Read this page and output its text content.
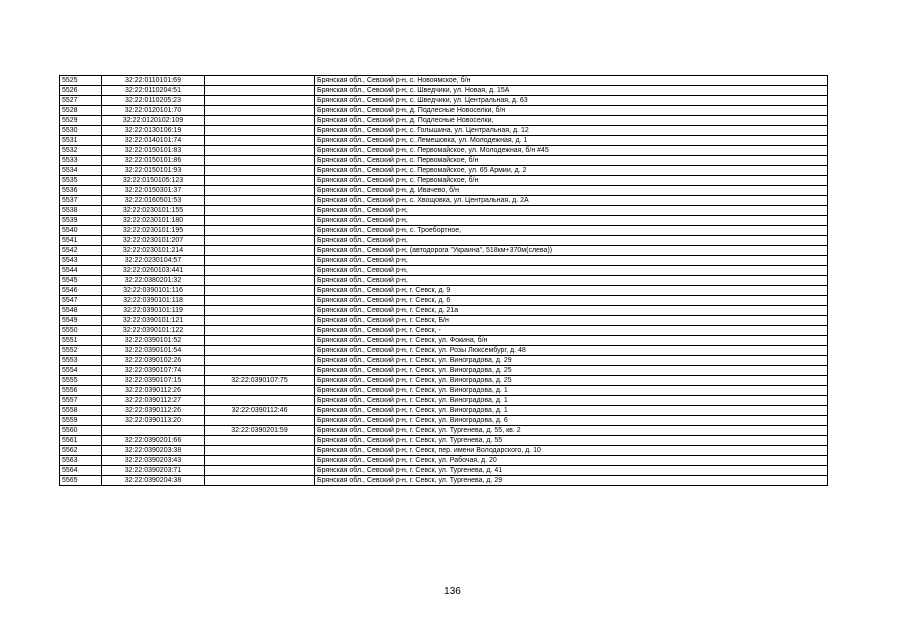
5525	32:22:0110101:69		Брянская обл., Севский р-н, с. Новоямское, б/н
5526	32:22:0110204:51		Брянская обл., Севский р-н, с. Шведчики, ул. Новая, д. 15А
5527	32:22:0110205:23		Брянская обл., Севский р-н, с. Шведчики, ул. Центральная, д. 63
5528	32:22:0120101:70		Брянская обл., Севский р-н, д. Подлесные Новоселки, б/н
5529	32:22:0120102:109		Брянская обл., Севский р-н, д. Подлесные Новоселки,
5530	32:22:0130106:19		Брянская обл., Севский р-н, с. Голышина, ул. Центральная, д. 12
5531	32:22:0140101:74		Брянская обл., Севский р-н, с. Лемешовка, ул. Молодежная, д. 1
5532	32:22:0150101:83		Брянская обл., Севский р-н, с. Первомайское, ул. Молодежная, б/н #45
5533	32:22:0150101:86		Брянская обл., Севский р-н, с. Первомайское, б/н
5534	32:22:0150101:93		Брянская обл., Севский р-н, с. Первомайское, ул. 65 Армии, д. 2
5535	32:22:0150105:123		Брянская обл., Севский р-н, с. Первомайское, б/н
5536	32:22:0150301:37		Брянская обл., Севский р-н, д. Ивачево, б/н
5537	32:22:0160501:53		Брянская обл., Севский р-н, с. Хвощовка, ул. Центральная, д. 2А
5538	32:22:0230101:155		Брянская обл., Севский р-н,
5539	32:22:0230101:180		Брянская обл., Севский р-н,
5540	32:22:0230101:195		Брянская обл., Севский р-н, с. Троебортное,
5541	32:22:0230101:207		Брянская обл., Севский р-н,
5542	32:22:0230101:214		Брянская обл., Севский р-н, (автодорога "Украина", 518км+370м(слева))
5543	32:22:0230104:57		Брянская обл., Севский р-н,
5544	32:22:0260103:441		Брянская обл., Севский р-н,
5545	32:22:0380201:32		Брянская обл., Севский р-н,
5546	32:22:0390101:116		Брянская обл., Севский р-н, г. Севск, д. 9
5547	32:22:0390101:118		Брянская обл., Севский р-н, г. Севск, д. 6
5548	32:22:0390101:119		Брянская обл., Севский р-н, г. Севск, д. 21а
5549	32:22:0390101:121		Брянская обл., Севский р-н, г. Севск, Б/н
5550	32:22:0390101:122		Брянская обл., Севский р-н, г. Севск, -
5551	32:22:0390101:52		Брянская обл., Севский р-н, г. Севск, ул. Фокина, б/н
5552	32:22:0390101:54		Брянская обл., Севский р-н, г. Севск, ул. Розы Люксембург, д. 48
5553	32:22:0390102:26		Брянская обл., Севский р-н, г. Севск, ул. Виноградова, д. 29
5554	32:22:0390107:74		Брянская обл., Севский р-н, г. Севск, ул. Виноградова, д. 25
5555	32:22:0390107:15	32:22:0390107:75	Брянская обл., Севский р-н, г. Севск, ул. Виноградова, д. 25
5556	32:22:0390112:26		Брянская обл., Севский р-н, г. Севск, ул. Виноградова, д. 1
5557	32:22:0390112:27		Брянская обл., Севский р-н, г. Севск, ул. Виноградова, д. 1
5558	32:22:0390112:26	32:22:0390112:46	Брянская обл., Севский р-н, г. Севск, ул. Виноградова, д. 1
5559	32:22:0390113:20		Брянская обл., Севский р-н, г. Севск, ул. Виноградова, д. 6
5560		32:22:0390201:59	Брянская обл., Севский р-н, г. Севск, ул. Тургенева, д. 55, кв. 2
5561	32:22:0390201:66		Брянская обл., Севский р-н, г. Севск, ул. Тургенева, д. 55
5562	32:22:0390203:38		Брянская обл., Севский р-н, г. Севск, пер. имени Володарского, д. 10
5563	32:22:0390203:43		Брянская обл., Севский р-н, г. Севск, ул. Рабочая, д. 20
5564	32:22:0390203:71		Брянская обл., Севский р-н, г. Севск, ул. Тургенева, д. 41
5565	32:22:0390204:38		Брянская обл., Севский р-н, г. Севск, ул. Тургенева, д. 29
136
